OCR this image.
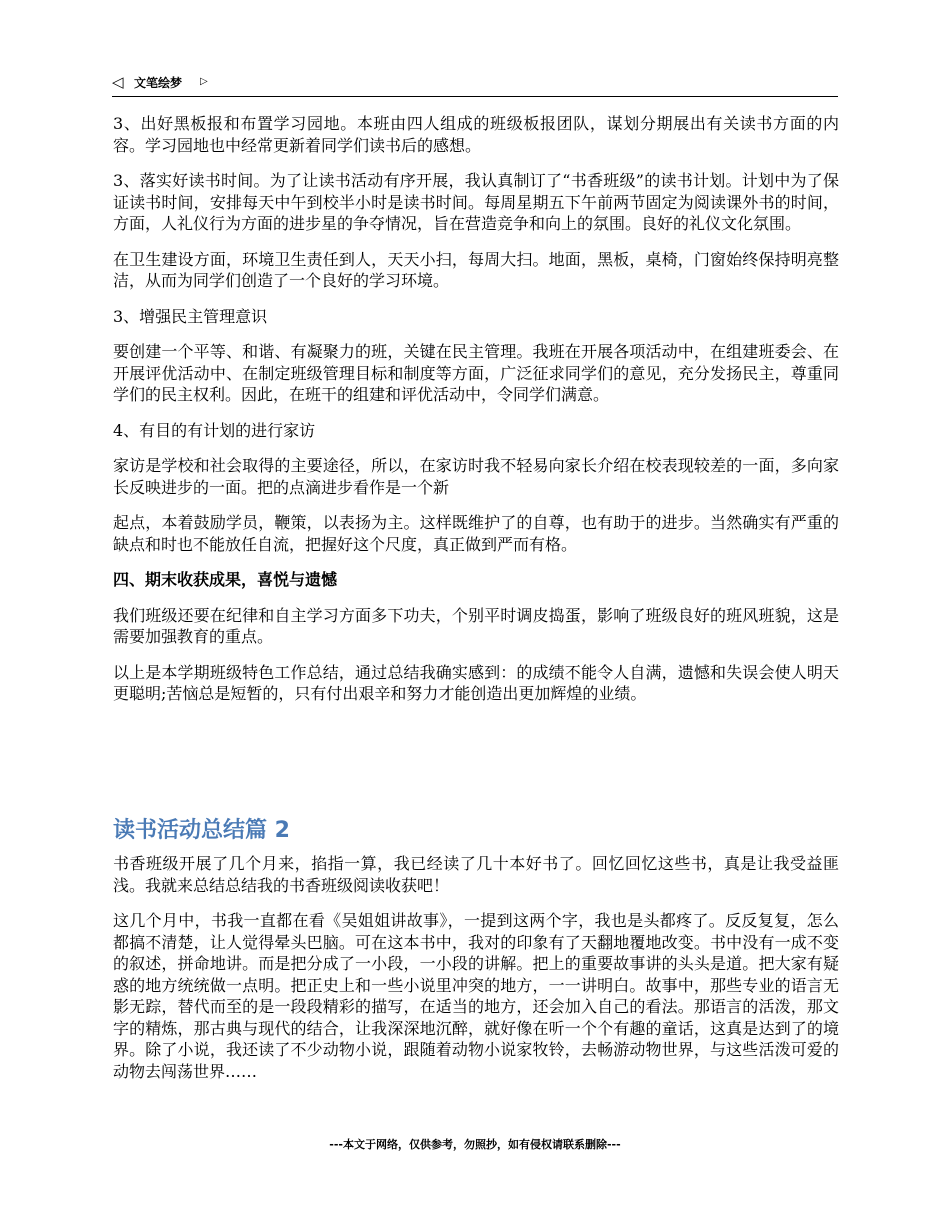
◁ 文笔绘梦 ▷

3、出好黑板报和布置学习园地。本班由四人组成的班级板报团队，谋划分期展出有关读书方面的内容。学习园地也中经常更新着同学们读书后的感想。

3、落实好读书时间。为了让读书活动有序开展，我认真制订了“书香班级”的读书计划。计划中为了保证读书时间，安排每天中午到校半小时是读书时间。每周星期五下午前两节固定为阅读课外书的时间，方面，人礼仪行为方面的进步星的争夺情况，旨在营造竞争和向上的氛围。良好的礼仪文化氛围。

在卫生建设方面，环境卫生责任到人，天天小扫，每周大扫。地面，黑板，桌椅，门窗始终保持明亮整洁，从而为同学们创造了一个良好的学习环境。

3、增强民主管理意识

要创建一个平等、和谐、有凝聚力的班，关键在民主管理。我班在开展各项活动中，在组建班委会、在开展评优活动中、在制定班级管理目标和制度等方面，广泛征求同学们的意见，充分发扬民主，尊重同学们的民主权利。因此，在班干的组建和评优活动中，令同学们满意。

4、有目的有计划的进行家访

家访是学校和社会取得的主要途径，所以，在家访时我不轻易向家长介绍在校表现较差的一面，多向家长反映进步的一面。把的点滴进步看作是一个新

起点，本着鼓励学员，鞭策，以表扬为主。这样既维护了的自尊，也有助于的进步。当然确实有严重的缺点和时也不能放任自流，把握好这个尺度，真正做到严而有格。

四、期末收获成果，喜悦与遗憾

我们班级还要在纪律和自主学习方面多下功夫，个别平时调皮捣蛋，影响了班级良好的班风班貌，这是需要加强教育的重点。

以上是本学期班级特色工作总结，通过总结我确实感到：的成绩不能令人自满，遗憾和失误会使人明天更聪明;苦恼总是短暂的，只有付出艰辛和努力才能创造出更加辉煌的业绩。

读书活动总结篇 2

书香班级开展了几个月来，掐指一算，我已经读了几十本好书了。回忆回忆这些书，真是让我受益匪浅。我就来总结总结我的书香班级阅读收获吧！

这几个月中，书我一直都在看《吴姐姐讲故事》，一提到这两个字，我也是头都疼了。反反复复，怎么都搞不清楚，让人觉得晕头巴脑。可在这本书中，我对的印象有了天翻地覆地改变。书中没有一成不变的叙述，拼命地讲。而是把分成了一小段，一小段的讲解。把上的重要故事讲的头头是道。把大家有疑惑的地方统统做一点明。把正史上和一些小说里冲突的地方，一一讲明白。故事中，那些专业的语言无影无踪，替代而至的是一段段精彩的描写，在适当的地方，还会加入自己的看法。那语言的活泼，那文字的精炼，那古典与现代的结合，让我深深地沉醉，就好像在听一个个有趣的童话，这真是达到了的境界。除了小说，我还读了不少动物小说，跟随着动物小说家牧铃，去畅游动物世界，与这些活泼可爱的动物去闯荡世界……

---本文于网络，仅供参考，勿照抄，如有侵权请联系删除---
